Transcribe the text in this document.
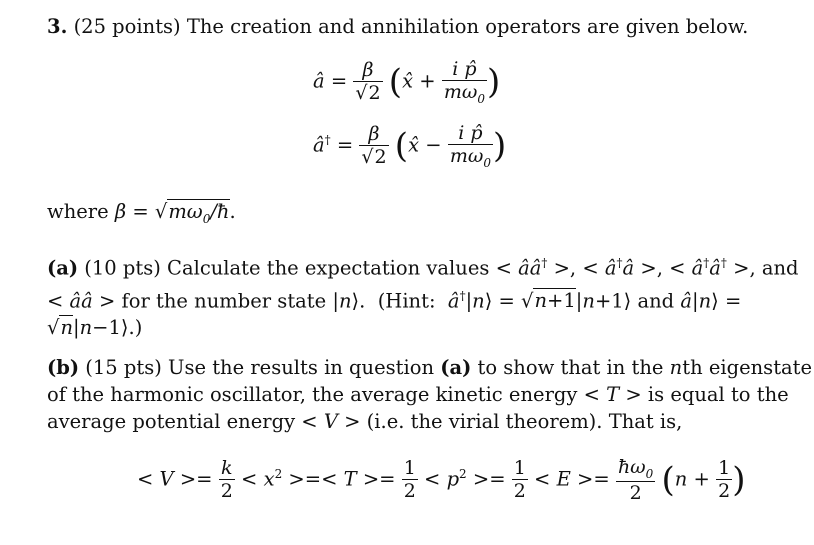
3. (25 points) The creation and annihilation operators are given below.
â = $\frac{\beta}{√2}$ (x̂ + $\frac{\text{i p̂}}{m\omega_0}$ )
â† = $\frac{\beta}{√2}$ (x̂ − $\frac{\text{i p̂}}{m\omega_0}$ )
where $\beta = √m\omega_0/ħ$.
(a) (10 pts) Calculate the expectation values < ââ† >, < â†â >, < â†â† >, and
< ââ > for the number state |n⟩.  (Hint:  â†|n⟩ = √n+1|n+1⟩ and â|n⟩ =
√n|n−1⟩.)
(b) (15 pts) Use the results in question (a) to show that in the nth eigenstate
of the harmonic oscillator, the average kinetic energy < T > is equal to the
average potential energy < V > (i.e. the virial theorem). That is,
< $V >= \frac{k}{2} < x^2$ >=< $T >= \frac{1}{2} < p^2 >= \frac{1}{2} < E >= \frac{ħ\omega_0}{2} (n + \frac{1}{2}$ )
